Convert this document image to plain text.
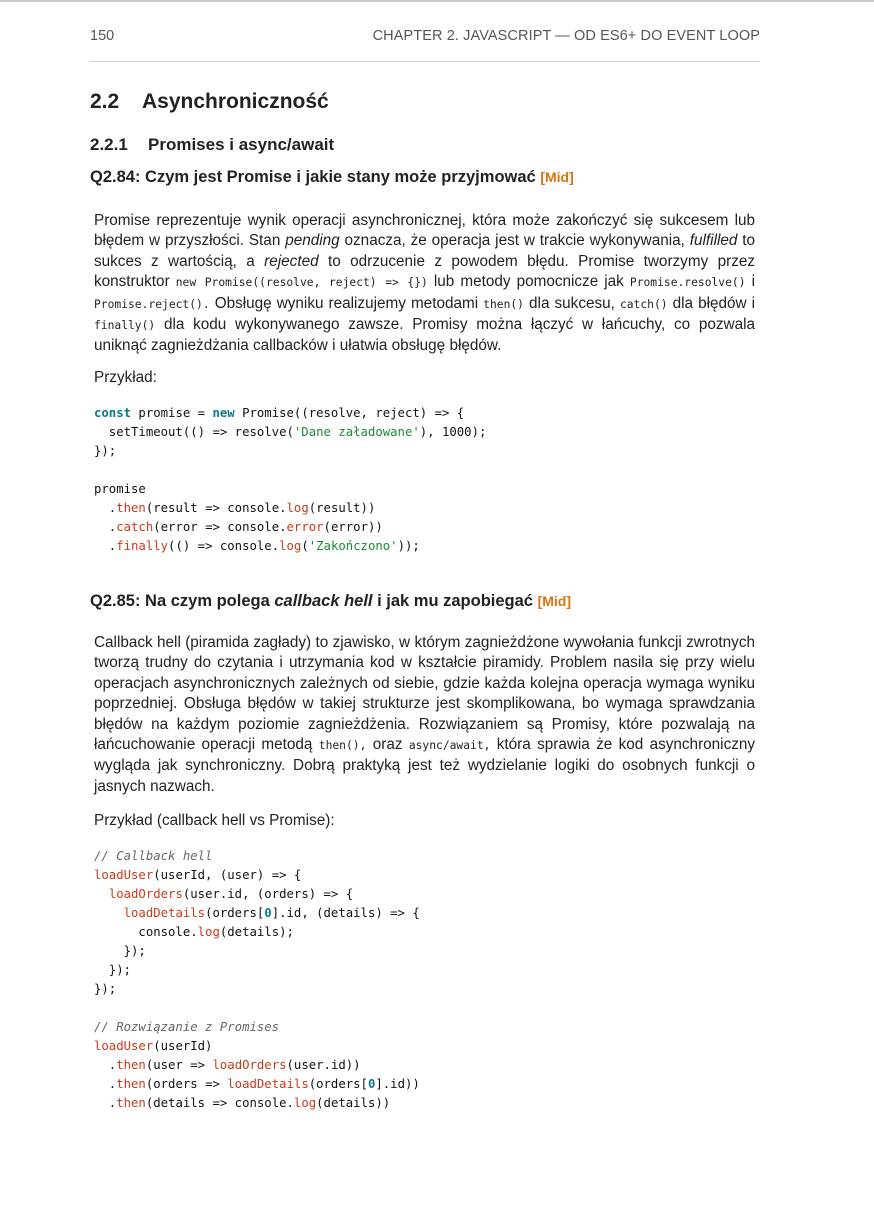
150	CHAPTER 2. JAVASCRIPT — OD ES6+ DO EVENT LOOP
2.2 Asynchroniczność
2.2.1 Promises i async/await
Q2.84: Czym jest Promise i jakie stany może przyjmować [Mid]
Promise reprezentuje wynik operacji asynchronicznej, która może zakończyć się sukcesem lub błędem w przyszłości. Stan pending oznacza, że operacja jest w trakcie wykonywania, fulfilled to sukces z wartością, a rejected to odrzucenie z powodem błędu. Promise tworzymy przez konstruktor new Promise((resolve, reject) => {}) lub metody pomocnicze jak Promise.resolve() i Promise.reject(). Obsługę wyniku realizujemy metodami then() dla sukcesu, catch() dla błędów i finally() dla kodu wykonywanego zawsze. Promisy można łączyć w łańcuchy, co pozwala uniknąć zagnieżdżania callbacków i ułatwia obsługę błędów.
Przykład:
const promise = new Promise((resolve, reject) => {
setTimeout(() => resolve('Dane załadowane'), 1000);
});

promise
.then(result => console.log(result))
.catch(error => console.error(error))
.finally(() => console.log('Zakończono'));
Q2.85: Na czym polega callback hell i jak mu zapobiegać [Mid]
Callback hell (piramida zagłady) to zjawisko, w którym zagnieżdżone wywołania funkcji zwrotnych tworzą trudny do czytania i utrzymania kod w kształcie piramidy. Problem nasila się przy wielu operacjach asynchronicznych zależnych od siebie, gdzie każda kolejna operacja wymaga wyniku poprzedniej. Obsługa błędów w takiej strukturze jest skomplikowana, bo wymaga sprawdzania błędów na każdym poziomie zagnieżdżenia. Rozwiązaniem są Promisy, które pozwalają na łańcuchowanie operacji metodą then(), oraz async/await, która sprawia że kod asynchroniczny wygląda jak synchroniczny. Dobrą praktyką jest też wydzielanie logiki do osobnych funkcji o jasnych nazwach.
Przykład (callback hell vs Promise):
// Callback hell
loadUser(userId, (user) => {
loadOrders(user.id, (orders) => {
loadDetails(orders[0].id, (details) => {
console.log(details);
});
});
});

// Rozwiązanie z Promises
loadUser(userId)
.then(user => loadOrders(user.id))
.then(orders => loadDetails(orders[0].id))
.then(details => console.log(details))
